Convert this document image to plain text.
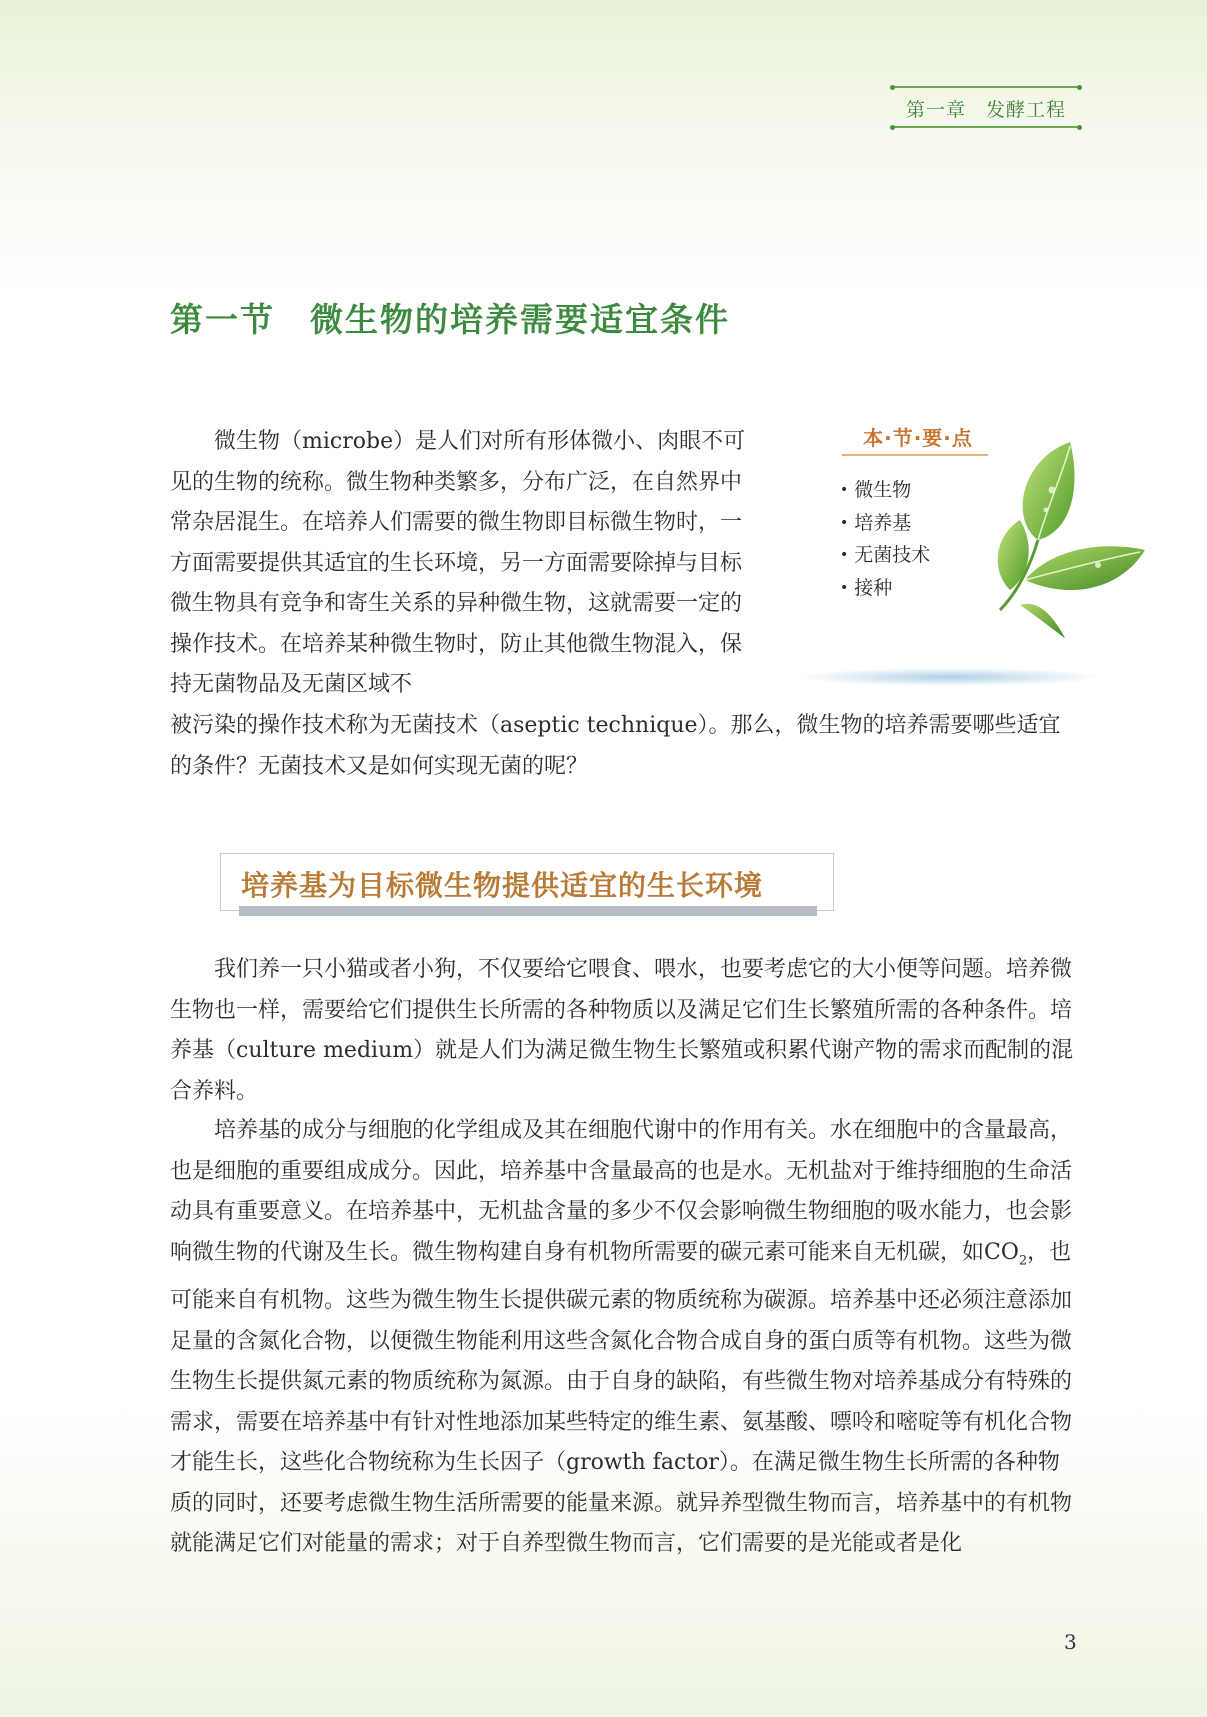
第一章　发酵工程
第一节　微生物的培养需要适宜条件
本·节·要·点
• 微生物
• 培养基
• 无菌技术
• 接种

微生物（microbe）是人们对所有形体微小、肉眼不可见的生物的统称。微生物种类繁多，分布广泛，在自然界中常杂居混生。在培养人们需要的微生物即目标微生物时，一方面需要提供其适宜的生长环境，另一方面需要除掉与目标微生物具有竞争和寄生关系的异种微生物，这就需要一定的操作技术。在培养某种微生物时，防止其他微生物混入，保持无菌物品及无菌区域不

被污染的操作技术称为无菌技术（aseptic technique）。那么，微生物的培养需要哪些适宜的条件？无菌技术又是如何实现无菌的呢？

培养基为目标微生物提供适宜的生长环境

我们养一只小猫或者小狗，不仅要给它喂食、喂水，也要考虑它的大小便等问题。培养微生物也一样，需要给它们提供生长所需的各种物质以及满足它们生长繁殖所需的各种条件。培养基（culture medium）就是人们为满足微生物生长繁殖或积累代谢产物的需求而配制的混合养料。

培养基的成分与细胞的化学组成及其在细胞代谢中的作用有关。水在细胞中的含量最高，也是细胞的重要组成成分。因此，培养基中含量最高的也是水。无机盐对于维持细胞的生命活动具有重要意义。在培养基中，无机盐含量的多少不仅会影响微生物细胞的吸水能力，也会影响微生物的代谢及生长。微生物构建自身有机物所需要的碳元素可能来自无机碳，如$CO_2$，也可能来自有机物。这些为微生物生长提供碳元素的物质统称为碳源。培养基中还必须注意添加足量的含氮化合物，以便微生物能利用这些含氮化合物合成自身的蛋白质等有机物。这些为微生物生长提供氮元素的物质统称为氮源。由于自身的缺陷，有些微生物对培养基成分有特殊的需求，需要在培养基中有针对性地添加某些特定的维生素、氨基酸、嘌呤和嘧啶等有机化合物才能生长，这些化合物统称为生长因子（growth factor）。在满足微生物生长所需的各种物质的同时，还要考虑微生物生活所需要的能量来源。就异养型微生物而言，培养基中的有机物就能满足它们对能量的需求；对于自养型微生物而言，它们需要的是光能或者是化

3
